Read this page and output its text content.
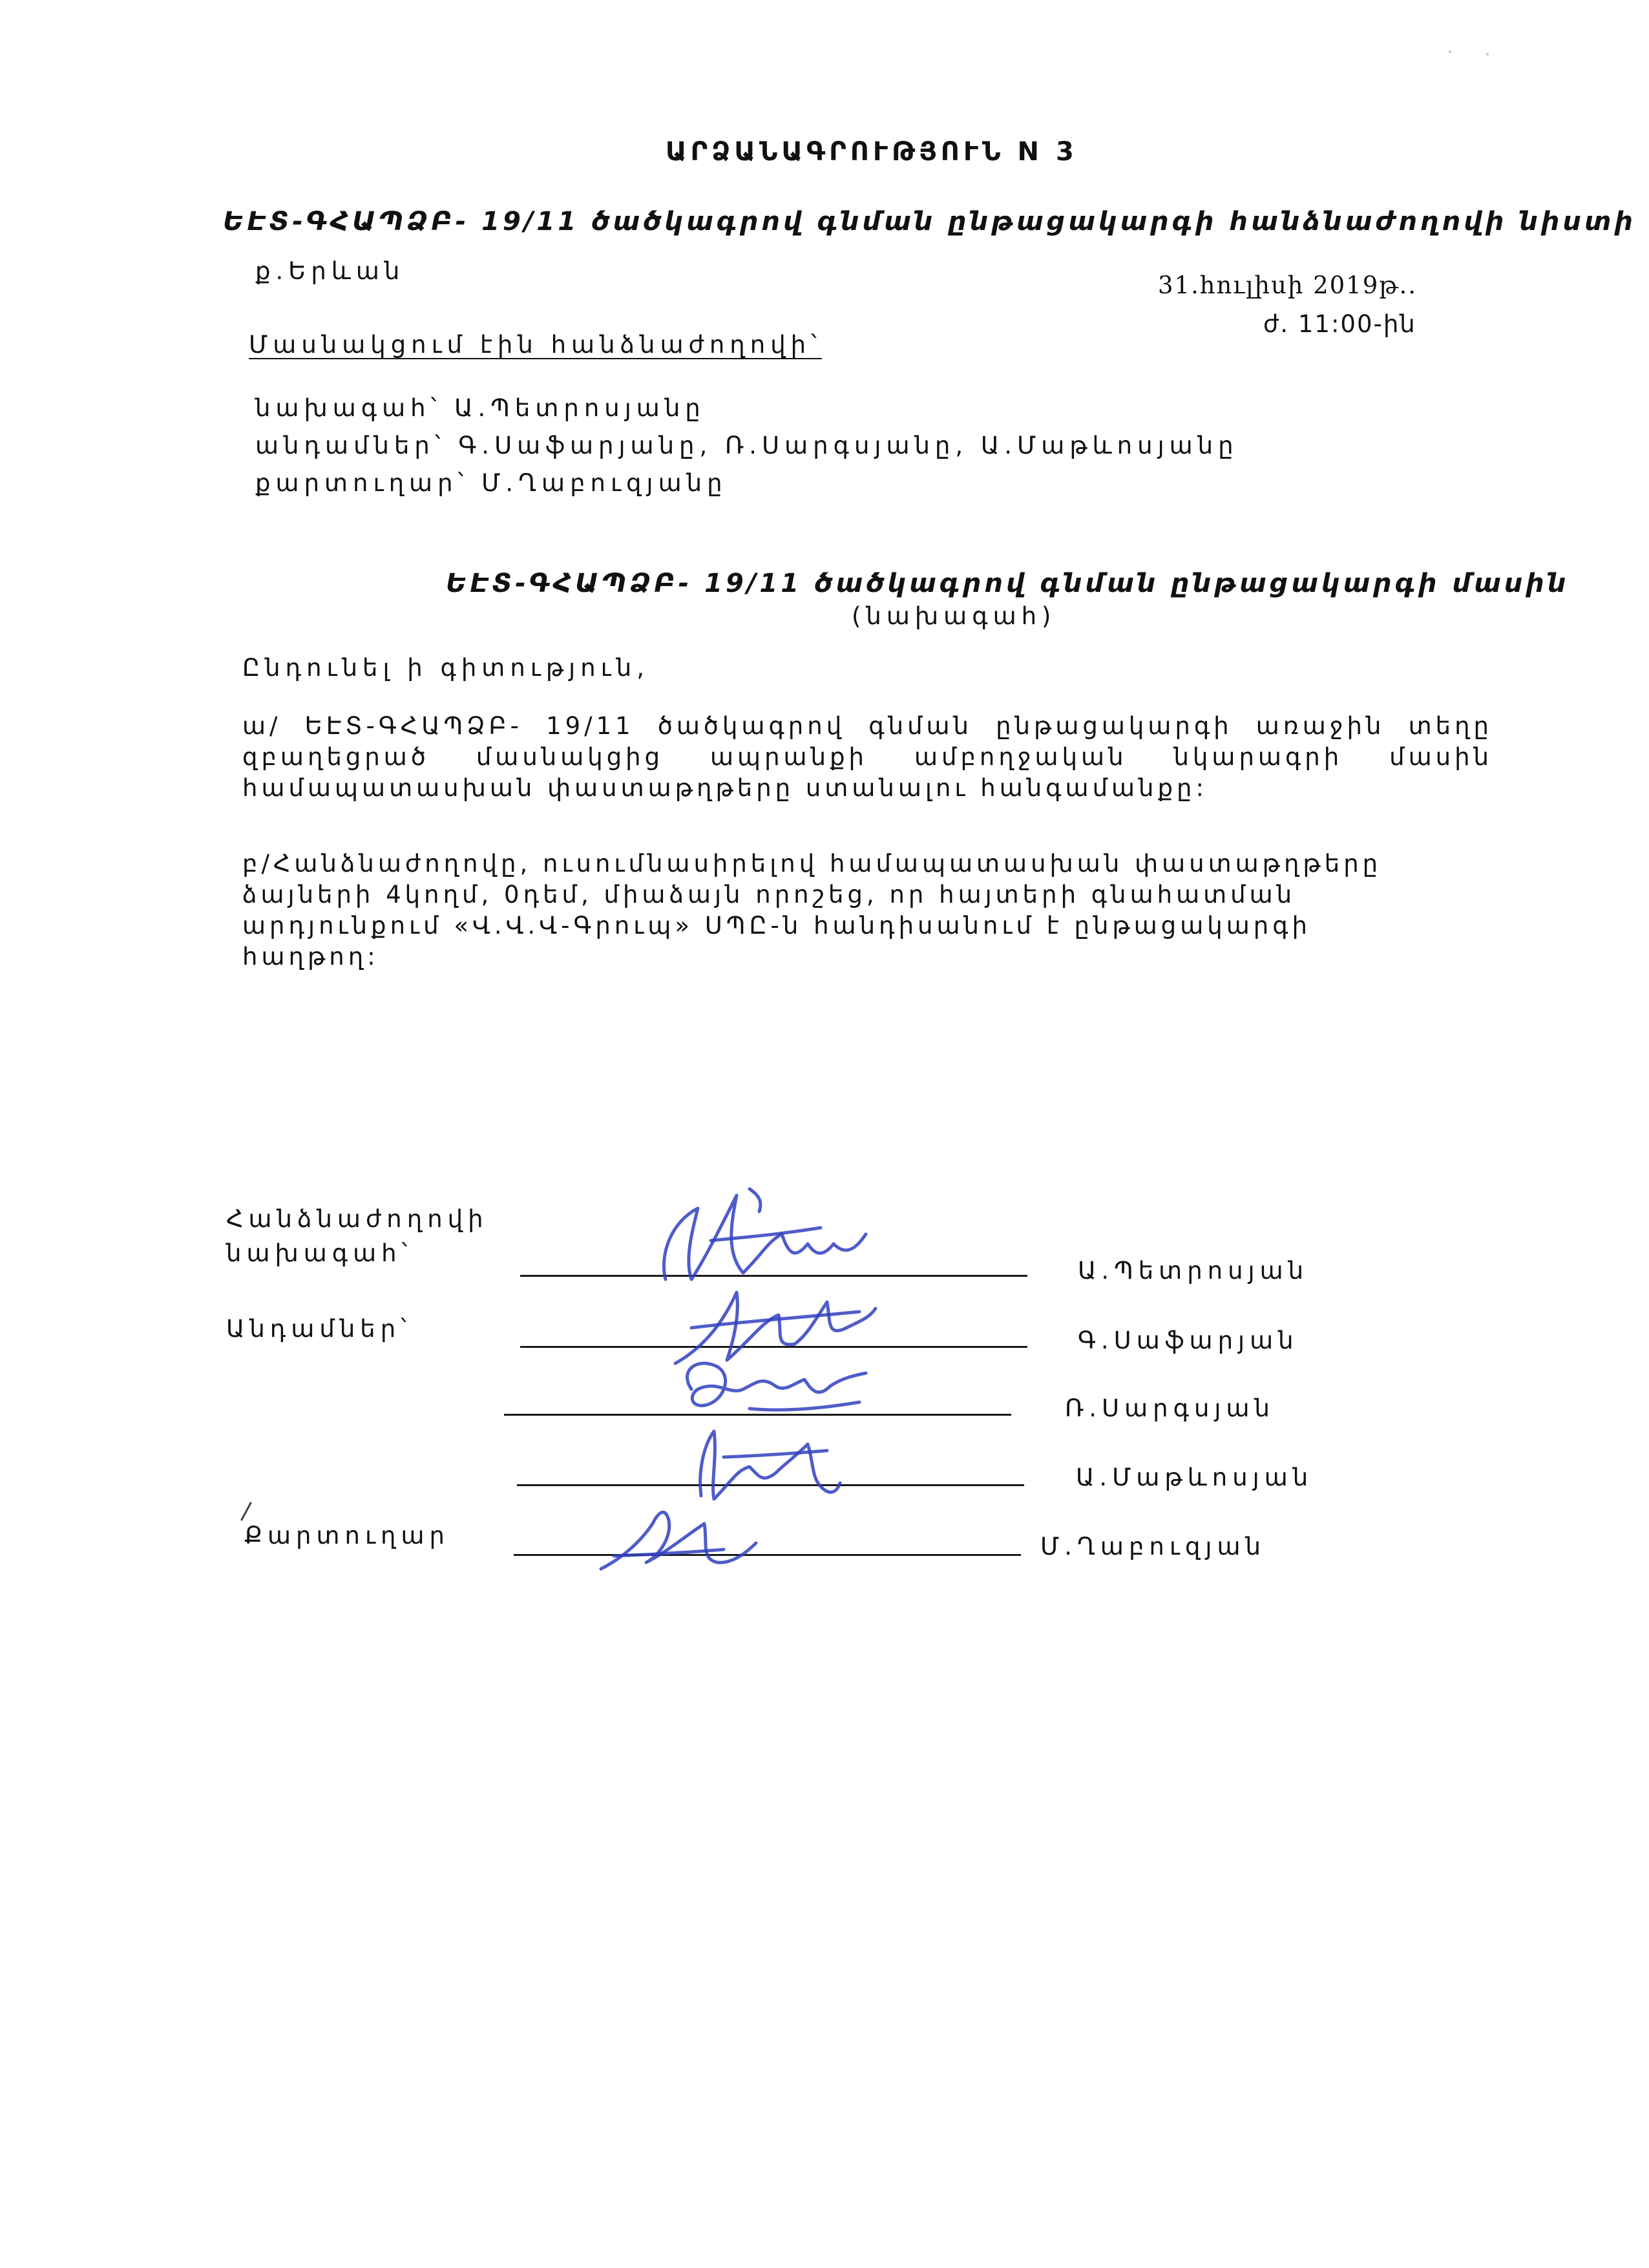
ԱՐՁԱՆԱԳՐՈՒԹՅՈՒՆ N 3
ԵԷՏ-ԳՀԱՊՁԲ- 19/11 ծածկագրով գնման ընթացակարգի հանձնաժողովի նիստի
ք.Երևան
31.հուլիսի 2019թ..
ժ. 11:00-ին
Մասնակցում էին հանձնաժողովի՝
նախագահ՝ Ա.Պետրոսյանը
անդամներ՝ Գ.Սաֆարյանը, Ռ.Սարգսյանը, Ա.Մաթևոսյանը
քարտուղար՝ Մ.Ղաբուզյանը
ԵԷՏ-ԳՀԱՊՁԲ- 19/11 ծածկագրով գնման ընթացակարգի մասին
(նախագահ)
Ընդունել ի գիտություն,
ա/ ԵԷՏ-ԳՀԱՊՁԲ- 19/11 ծածկագրով գնման ընթացակարգի առաջին տեղը
զբաղեցրած մասնակցից ապրանքի ամբողջական նկարագրի մասին
համապատասխան փաստաթղթերը ստանալու հանգամանքը:
բ/Հանձնաժողովը, ուսումնասիրելով համապատասխան փաստաթղթերը
ձայների 4կողմ, 0դեմ, միաձայն որոշեց, որ հայտերի գնահատման
արդյունքում «Վ.Վ.Վ-Գրուպ» ՍՊԸ-ն հանդիսանում է ընթացակարգի
հաղթող:
Հանձնաժողովի
նախագահ՝
Ա.Պետրոսյան
Անդամներ՝	Գ.Սաֆարյան
Ռ.Սարգսյան
Ա.Մաթևոսյան
Քարտուղար	Մ.Ղաբուզյան
